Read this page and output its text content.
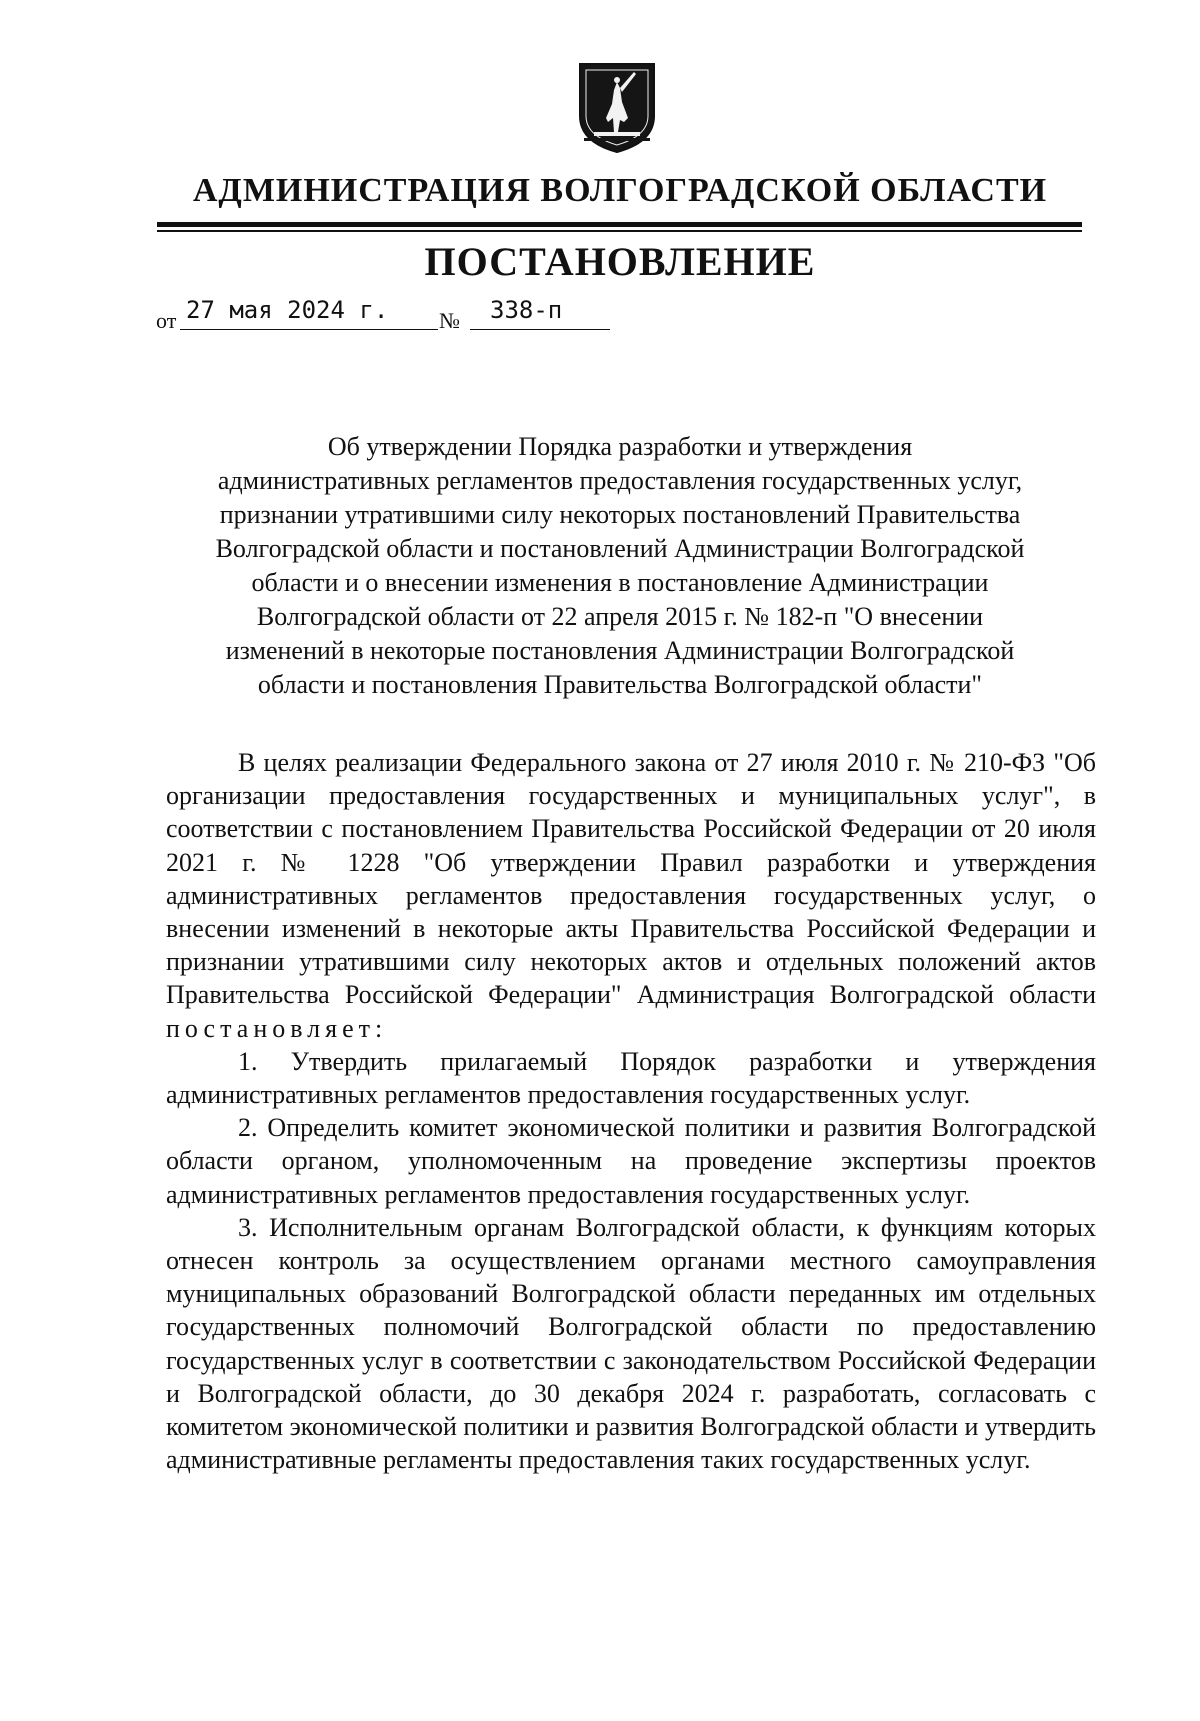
АДМИНИСТРАЦИЯ ВОЛГОГРАДСКОЙ ОБЛАСТИ
ПОСТАНОВЛЕНИЕ
от 27 мая 2024 г. № 338-п
Об утверждении Порядка разработки и утверждения
административных регламентов предоставления государственных услуг,
признании утратившими силу некоторых постановлений Правительства
Волгоградской области и постановлений Администрации Волгоградской
области и о внесении изменения в постановление Администрации
Волгоградской области от 22 апреля 2015 г. № 182-п "О внесении
изменений в некоторые постановления Администрации Волгоградской
области и постановления Правительства Волгоградской области"

В целях реализации Федерального закона от 27 июля 2010 г. № 210-ФЗ "Об организации предоставления государственных и муниципальных услуг", в соответствии с постановлением Правительства Российской Федерации от 20 июля 2021 г. № 1228 "Об утверждении Правил разработки и утверждения административных регламентов предоставления государственных услуг, о внесении изменений в некоторые акты Правительства Российской Федерации и признании утратившими силу некоторых актов и отдельных положений актов Правительства Российской Федерации" Администрация Волгоградской области постановляет:

1. Утвердить прилагаемый Порядок разработки и утверждения административных регламентов предоставления государственных услуг.

2. Определить комитет экономической политики и развития Волгоградской области органом, уполномоченным на проведение экспертизы проектов административных регламентов предоставления государственных услуг.

3. Исполнительным органам Волгоградской области, к функциям которых отнесен контроль за осуществлением органами местного самоуправления муниципальных образований Волгоградской области переданных им отдельных государственных полномочий Волгоградской области по предоставлению государственных услуг в соответствии с законодательством Российской Федерации и Волгоградской области, до 30 декабря 2024 г. разработать, согласовать с комитетом экономической политики и развития Волгоградской области и утвердить административные регламенты предоставления таких государственных услуг.
